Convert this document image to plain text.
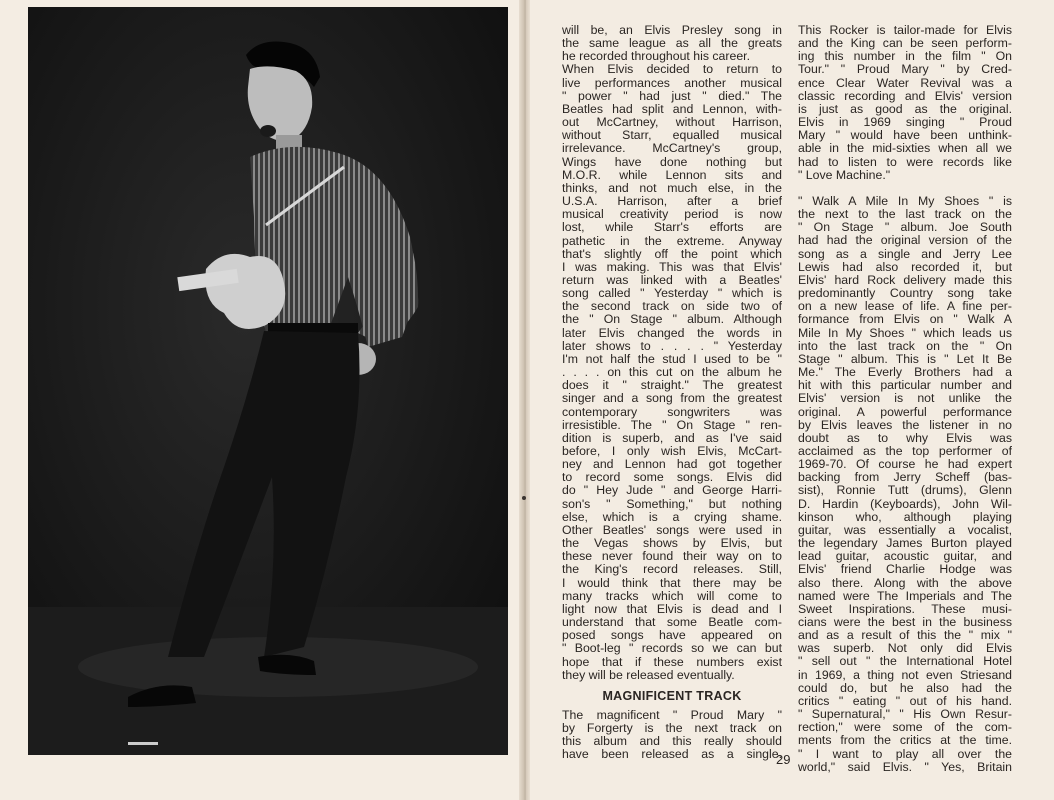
will be, an Elvis Presley song in
the same league as all the greats
he recorded throughout his career.
When Elvis decided to return to
live performances another musical
" power " had just " died." The
Beatles had split and Lennon, with-
out McCartney, without Harrison,
without Starr, equalled musical
irrelevance. McCartney's group,
Wings have done nothing but
M.O.R. while Lennon sits and
thinks, and not much else, in the
U.S.A. Harrison, after a brief
musical creativity period is now
lost, while Starr's efforts are
pathetic in the extreme. Anyway
that's slightly off the point which
I was making. This was that Elvis'
return was linked with a Beatles'
song called " Yesterday " which is
the second track on side two of
the " On Stage " album. Although
later Elvis changed the words in
later shows to . . . . " Yesterday
I'm not half the stud I used to be "
. . . . on this cut on the album he
does it " straight." The greatest
singer and a song from the greatest
contemporary songwriters was
irresistible. The " On Stage " ren-
dition is superb, and as I've said
before, I only wish Elvis, McCart-
ney and Lennon had got together
to record some songs. Elvis did
do " Hey Jude " and George Harri-
son's " Something," but nothing
else, which is a crying shame.
Other Beatles' songs were used in
the Vegas shows by Elvis, but
these never found their way on to
the King's record releases. Still,
I would think that there may be
many tracks which will come to
light now that Elvis is dead and I
understand that some Beatle com-
posed songs have appeared on
" Boot-leg " records so we can but
hope that if these numbers exist
they will be released eventually.
MAGNIFICENT TRACK
The magnificent " Proud Mary "
by Forgerty is the next track on
this album and this really should
have been released as a single.
This Rocker is tailor-made for Elvis
and the King can be seen perform-
ing this number in the film " On
Tour." " Proud Mary " by Cred-
ence Clear Water Revival was a
classic recording and Elvis' version
is just as good as the original.
Elvis in 1969 singing " Proud
Mary " would have been unthink-
able in the mid-sixties when all we
had to listen to were records like
" Love Machine."
" Walk A Mile In My Shoes " is
the next to the last track on the
" On Stage " album. Joe South
had had the original version of the
song as a single and Jerry Lee
Lewis had also recorded it, but
Elvis' hard Rock delivery made this
predominantly Country song take
on a new lease of life. A fine per-
formance from Elvis on " Walk A
Mile In My Shoes " which leads us
into the last track on the " On
Stage " album. This is " Let It Be
Me." The Everly Brothers had a
hit with this particular number and
Elvis' version is not unlike the
original. A powerful performance
by Elvis leaves the listener in no
doubt as to why Elvis was
acclaimed as the top performer of
1969-70. Of course he had expert
backing from Jerry Scheff (bas-
sist), Ronnie Tutt (drums), Glenn
D. Hardin (Keyboards), John Wil-
kinson who, although playing
guitar, was essentially a vocalist,
the legendary James Burton played
lead guitar, acoustic guitar, and
Elvis' friend Charlie Hodge was
also there. Along with the above
named were The Imperials and The
Sweet Inspirations. These musi-
cians were the best in the business
and as a result of this the " mix "
was superb. Not only did Elvis
" sell out " the International Hotel
in 1969, a thing not even Striesand
could do, but he also had the
critics " eating " out of his hand.
" Supernatural," " His Own Resur-
rection," were some of the com-
ments from the critics at the time.
" I want to play all over the
world," said Elvis. " Yes, Britain
29
